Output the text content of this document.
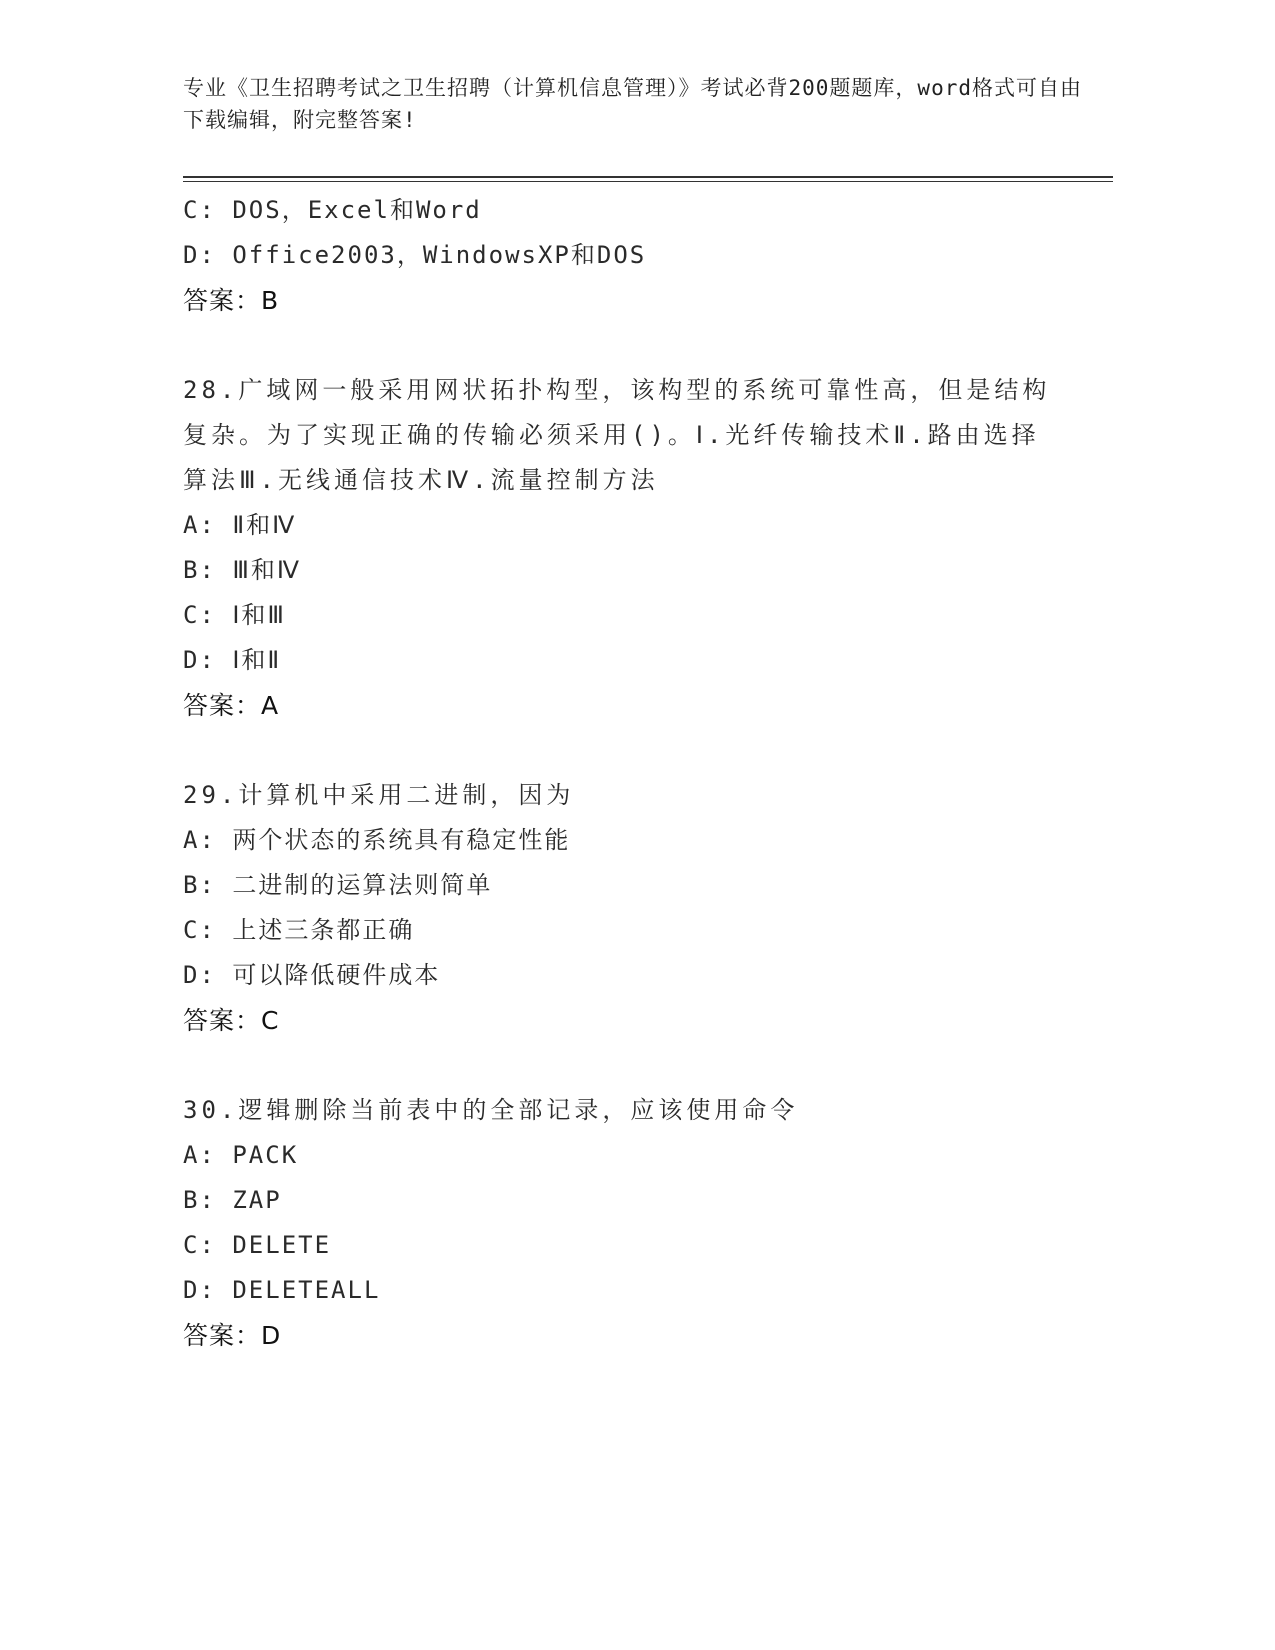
专业《卫生招聘考试之卫生招聘（计算机信息管理）》考试必背200题题库，word格式可自由下载编辑，附完整答案!
C: DOS，Excel和Word
D: Office2003，WindowsXP和DOS
答案：B
28.广域网一般采用网状拓扑构型，该构型的系统可靠性高，但是结构复杂。为了实现正确的传输必须采用()。Ⅰ.光纤传输技术Ⅱ.路由选择算法Ⅲ.无线通信技术Ⅳ.流量控制方法
A: Ⅱ和Ⅳ
B: Ⅲ和Ⅳ
C: Ⅰ和Ⅲ
D: Ⅰ和Ⅱ
答案：A
29.计算机中采用二进制，因为
A: 两个状态的系统具有稳定性能
B: 二进制的运算法则简单
C: 上述三条都正确
D: 可以降低硬件成本
答案：C
30.逻辑删除当前表中的全部记录，应该使用命令
A: PACK
B: ZAP
C: DELETE
D: DELETEALL
答案：D
